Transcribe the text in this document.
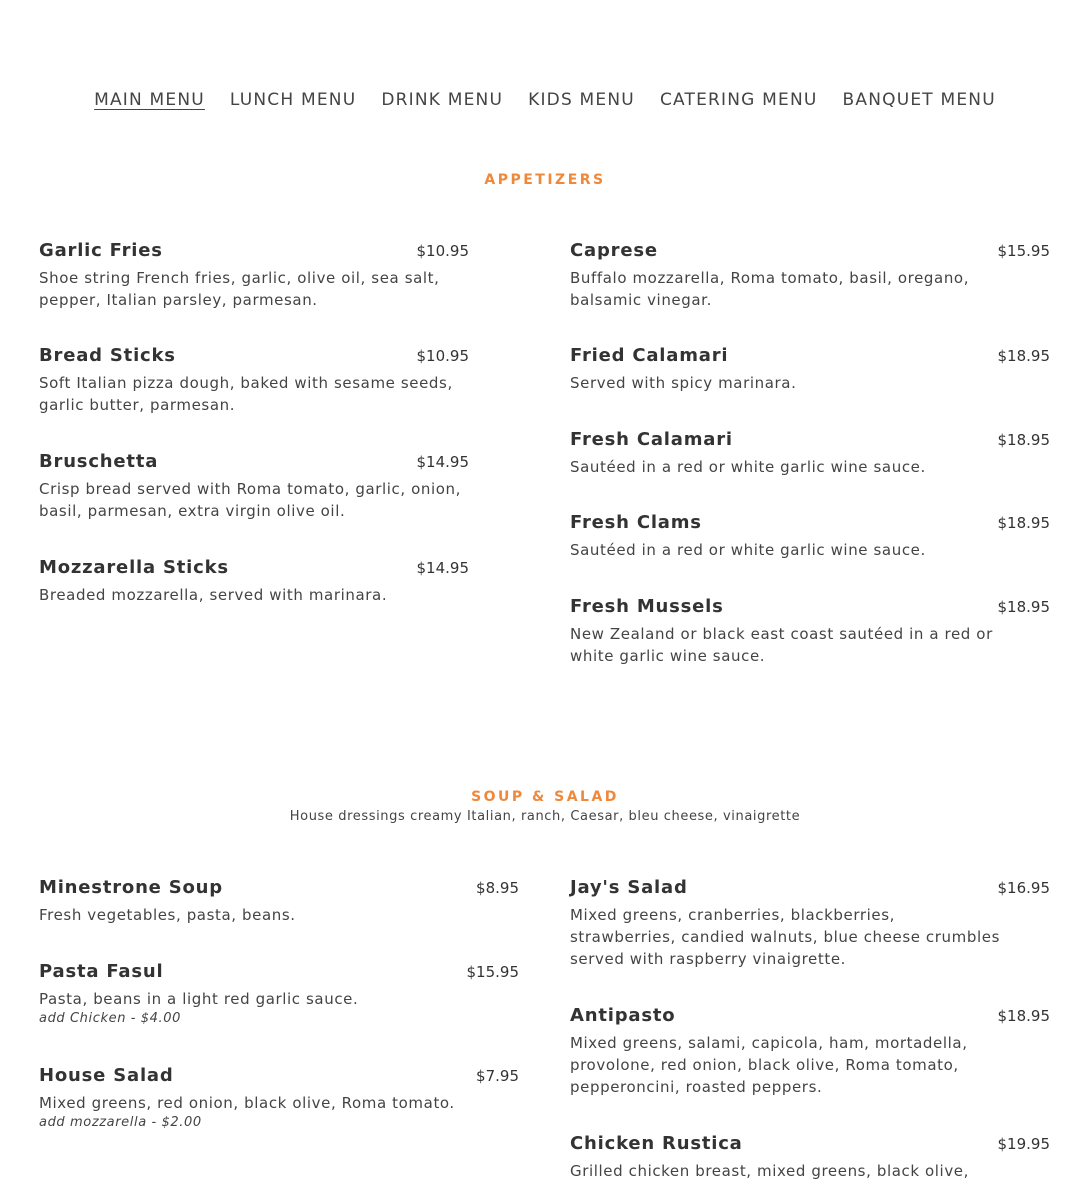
MAIN MENU LUNCH MENU DRINK MENU KIDS MENU CATERING MENU BANQUET MENU
APPETIZERS
Garlic Fries	$10.95
Shoe string French fries, garlic, olive oil, sea salt, pepper, Italian parsley, parmesan.
Bread Sticks	$10.95
Soft Italian pizza dough, baked with sesame seeds, garlic butter, parmesan.
Bruschetta	$14.95
Crisp bread served with Roma tomato, garlic, onion, basil, parmesan, extra virgin olive oil.
Mozzarella Sticks	$14.95
Breaded mozzarella, served with marinara.
Caprese	$15.95
Buffalo mozzarella, Roma tomato, basil, oregano, balsamic vinegar.
Fried Calamari	$18.95
Served with spicy marinara.
Fresh Calamari	$18.95
Sautéed in a red or white garlic wine sauce.
Fresh Clams	$18.95
Sautéed in a red or white garlic wine sauce.
Fresh Mussels	$18.95
New Zealand or black east coast sautéed in a red or white garlic wine sauce.
SOUP & SALAD
House dressings creamy Italian, ranch, Caesar, bleu cheese, vinaigrette
Minestrone Soup	$8.95
Fresh vegetables, pasta, beans.
Pasta Fasul	$15.95
Pasta, beans in a light red garlic sauce.
add Chicken - $4.00
House Salad	$7.95
Mixed greens, red onion, black olive, Roma tomato.
add mozzarella - $2.00
Jay's Salad	$16.95
Mixed greens, cranberries, blackberries, strawberries, candied walnuts, blue cheese crumbles served with raspberry vinaigrette.
Antipasto	$18.95
Mixed greens, salami, capicola, ham, mortadella, provolone, red onion, black olive, Roma tomato, pepperoncini, roasted peppers.
Chicken Rustica	$19.95
Grilled chicken breast, mixed greens, black olive,
